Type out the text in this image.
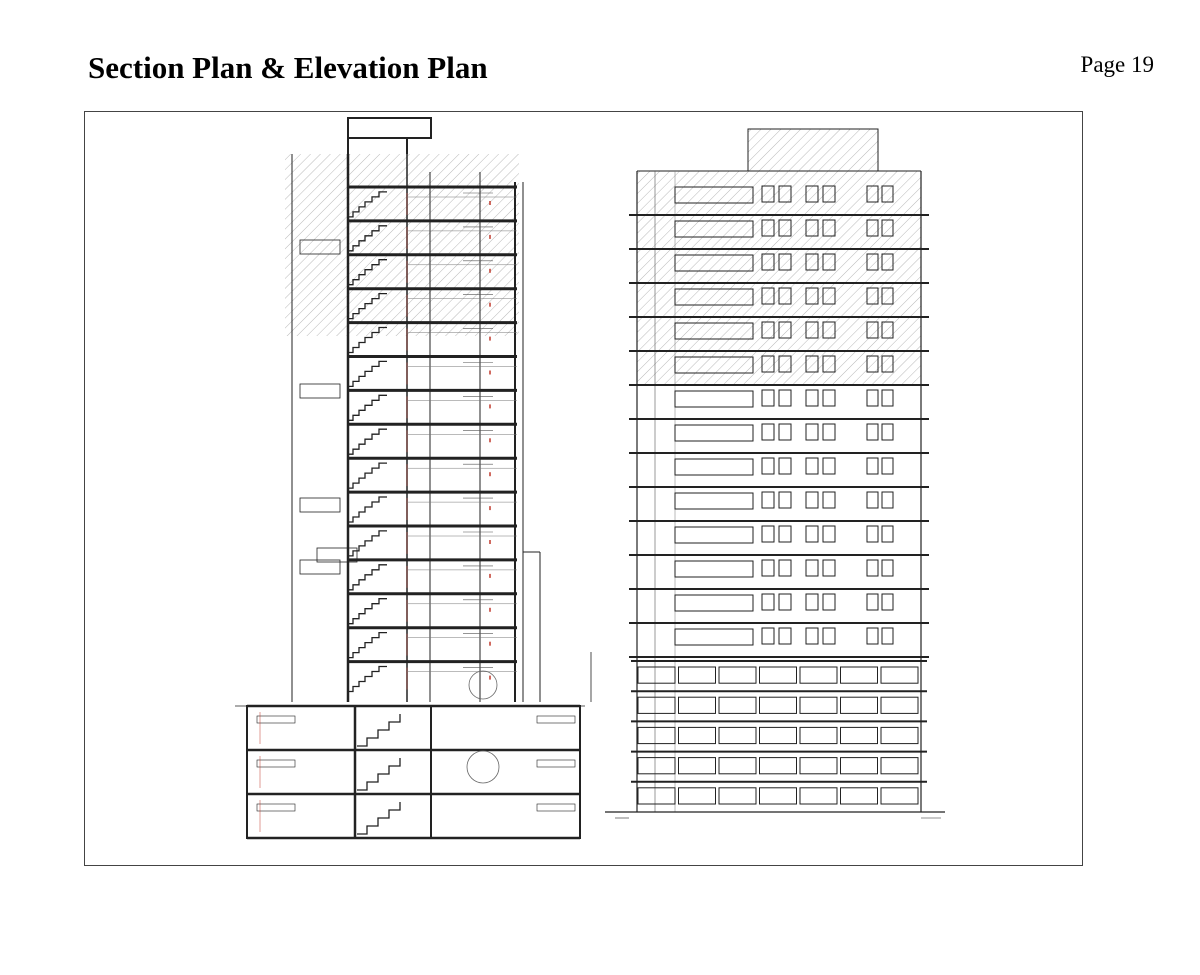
Section Plan & Elevation Plan	Page 19
